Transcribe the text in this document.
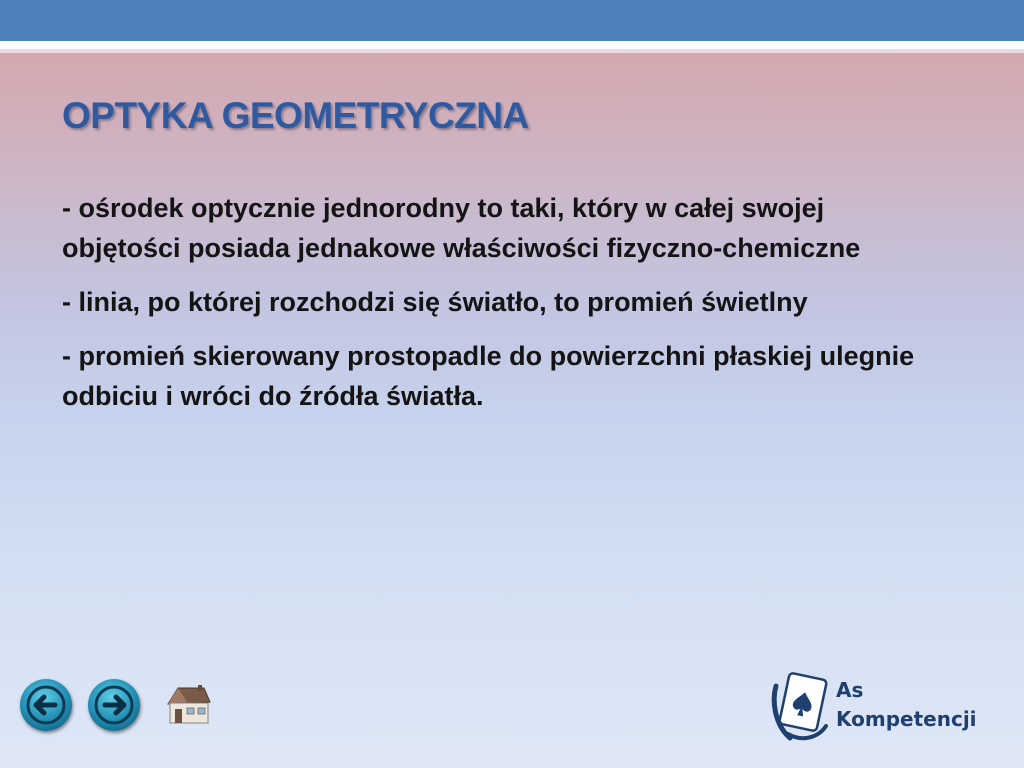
OPTYKA GEOMETRYCZNA

- ośrodek optycznie jednorodny to taki, który w całej swojej objętości posiada jednakowe właściwości fizyczno-chemiczne

- linia, po której rozchodzi się światło, to promień świetlny

- promień skierowany prostopadle do powierzchni płaskiej ulegnie odbiciu i wróci do źródła światła.

As
Kompetencji
